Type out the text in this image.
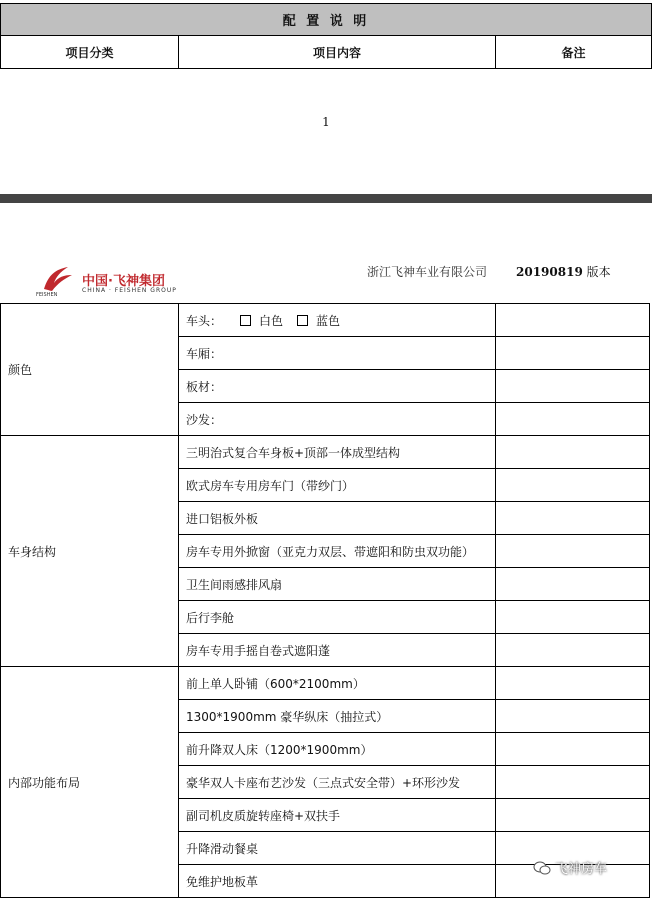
配 置 说 明
项目分类	项目内容	备注
1
中国·飞神集团
CHINA · FEISHEN GROUP
FEISHEN
浙江飞神车业有限公司 20190819 版本
颜色
车头：	白色	蓝色
车厢：
板材：
沙发：
车身结构
三明治式复合车身板+顶部一体成型结构
欧式房车专用房车门（带纱门）
进口铝板外板
房车专用外掀窗（亚克力双层、带遮阳和防虫双功能）
卫生间雨感排风扇
后行李舱
房车专用手摇自卷式遮阳蓬
内部功能布局
前上单人卧铺（600*2100mm）
1300*1900mm 豪华纵床（抽拉式）
前升降双人床（1200*1900mm）
豪华双人卡座布艺沙发（三点式安全带）+环形沙发
副司机皮质旋转座椅+双扶手
升降滑动餐桌
免维护地板革
飞神房车
